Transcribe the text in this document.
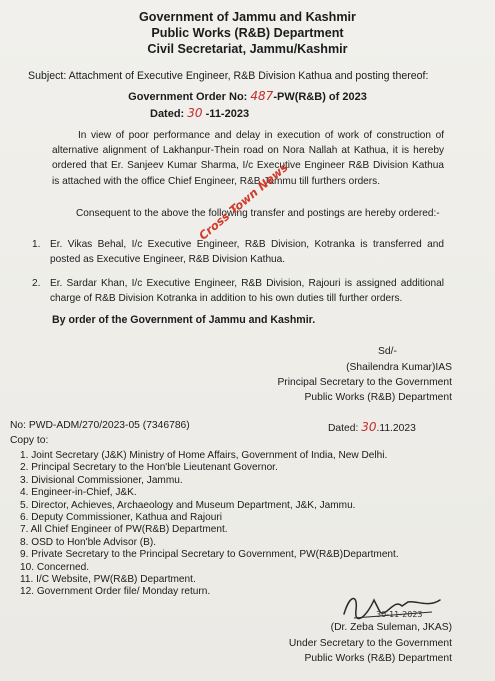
Government of Jammu and Kashmir
Public Works (R&B) Department
Civil Secretariat, Jammu/Kashmir
Subject: Attachment of Executive Engineer, R&B Division Kathua and posting thereof:
Government Order No: 487-PW(R&B) of 2023
Dated: 30 -11-2023
In view of poor performance and delay in execution of work of construction of alternative alignment of Lakhanpur-Thein road on Nora Nallah at Kathua, it is hereby ordered that Er. Sanjeev Kumar Sharma, I/c Executive Engineer R&B Division Kathua is attached with the office Chief Engineer, R&B Jammu till furthers orders.
Consequent to the above the following transfer and postings are hereby ordered:-
1. Er. Vikas Behal, I/c Executive Engineer, R&B Division, Kotranka is transferred and posted as Executive Engineer, R&B Division Kathua.
2. Er. Sardar Khan, I/c Executive Engineer, R&B Division, Rajouri is assigned additional charge of R&B Division Kotranka in addition to his own duties till further orders.
By order of the Government of Jammu and Kashmir.
Sd/-
(Shailendra Kumar)IAS
Principal Secretary to the Government
Public Works (R&B) Department
No: PWD-ADM/270/2023-05 (7346786)	Dated: 30.11.2023
Copy to:
1. Joint Secretary (J&K) Ministry of Home Affairs, Government of India, New Delhi.
2. Principal Secretary to the Hon'ble Lieutenant Governor.
3. Divisional Commissioner, Jammu.
4. Engineer-in-Chief, J&K.
5. Director, Achieves, Archaeology and Museum Department, J&K, Jammu.
6. Deputy Commissioner, Kathua and Rajouri
7. All Chief Engineer of PW(R&B) Department.
8. OSD to Hon'ble Advisor (B).
9. Private Secretary to the Principal Secretary to Government, PW(R&B)Department.
10. Concerned.
11. I/C Website, PW(R&B) Department.
12. Government Order file/ Monday return.
30-11-2023
(Dr. Zeba Suleman, JKAS)
Under Secretary to the Government
Public Works (R&B) Department
Cross Town News
